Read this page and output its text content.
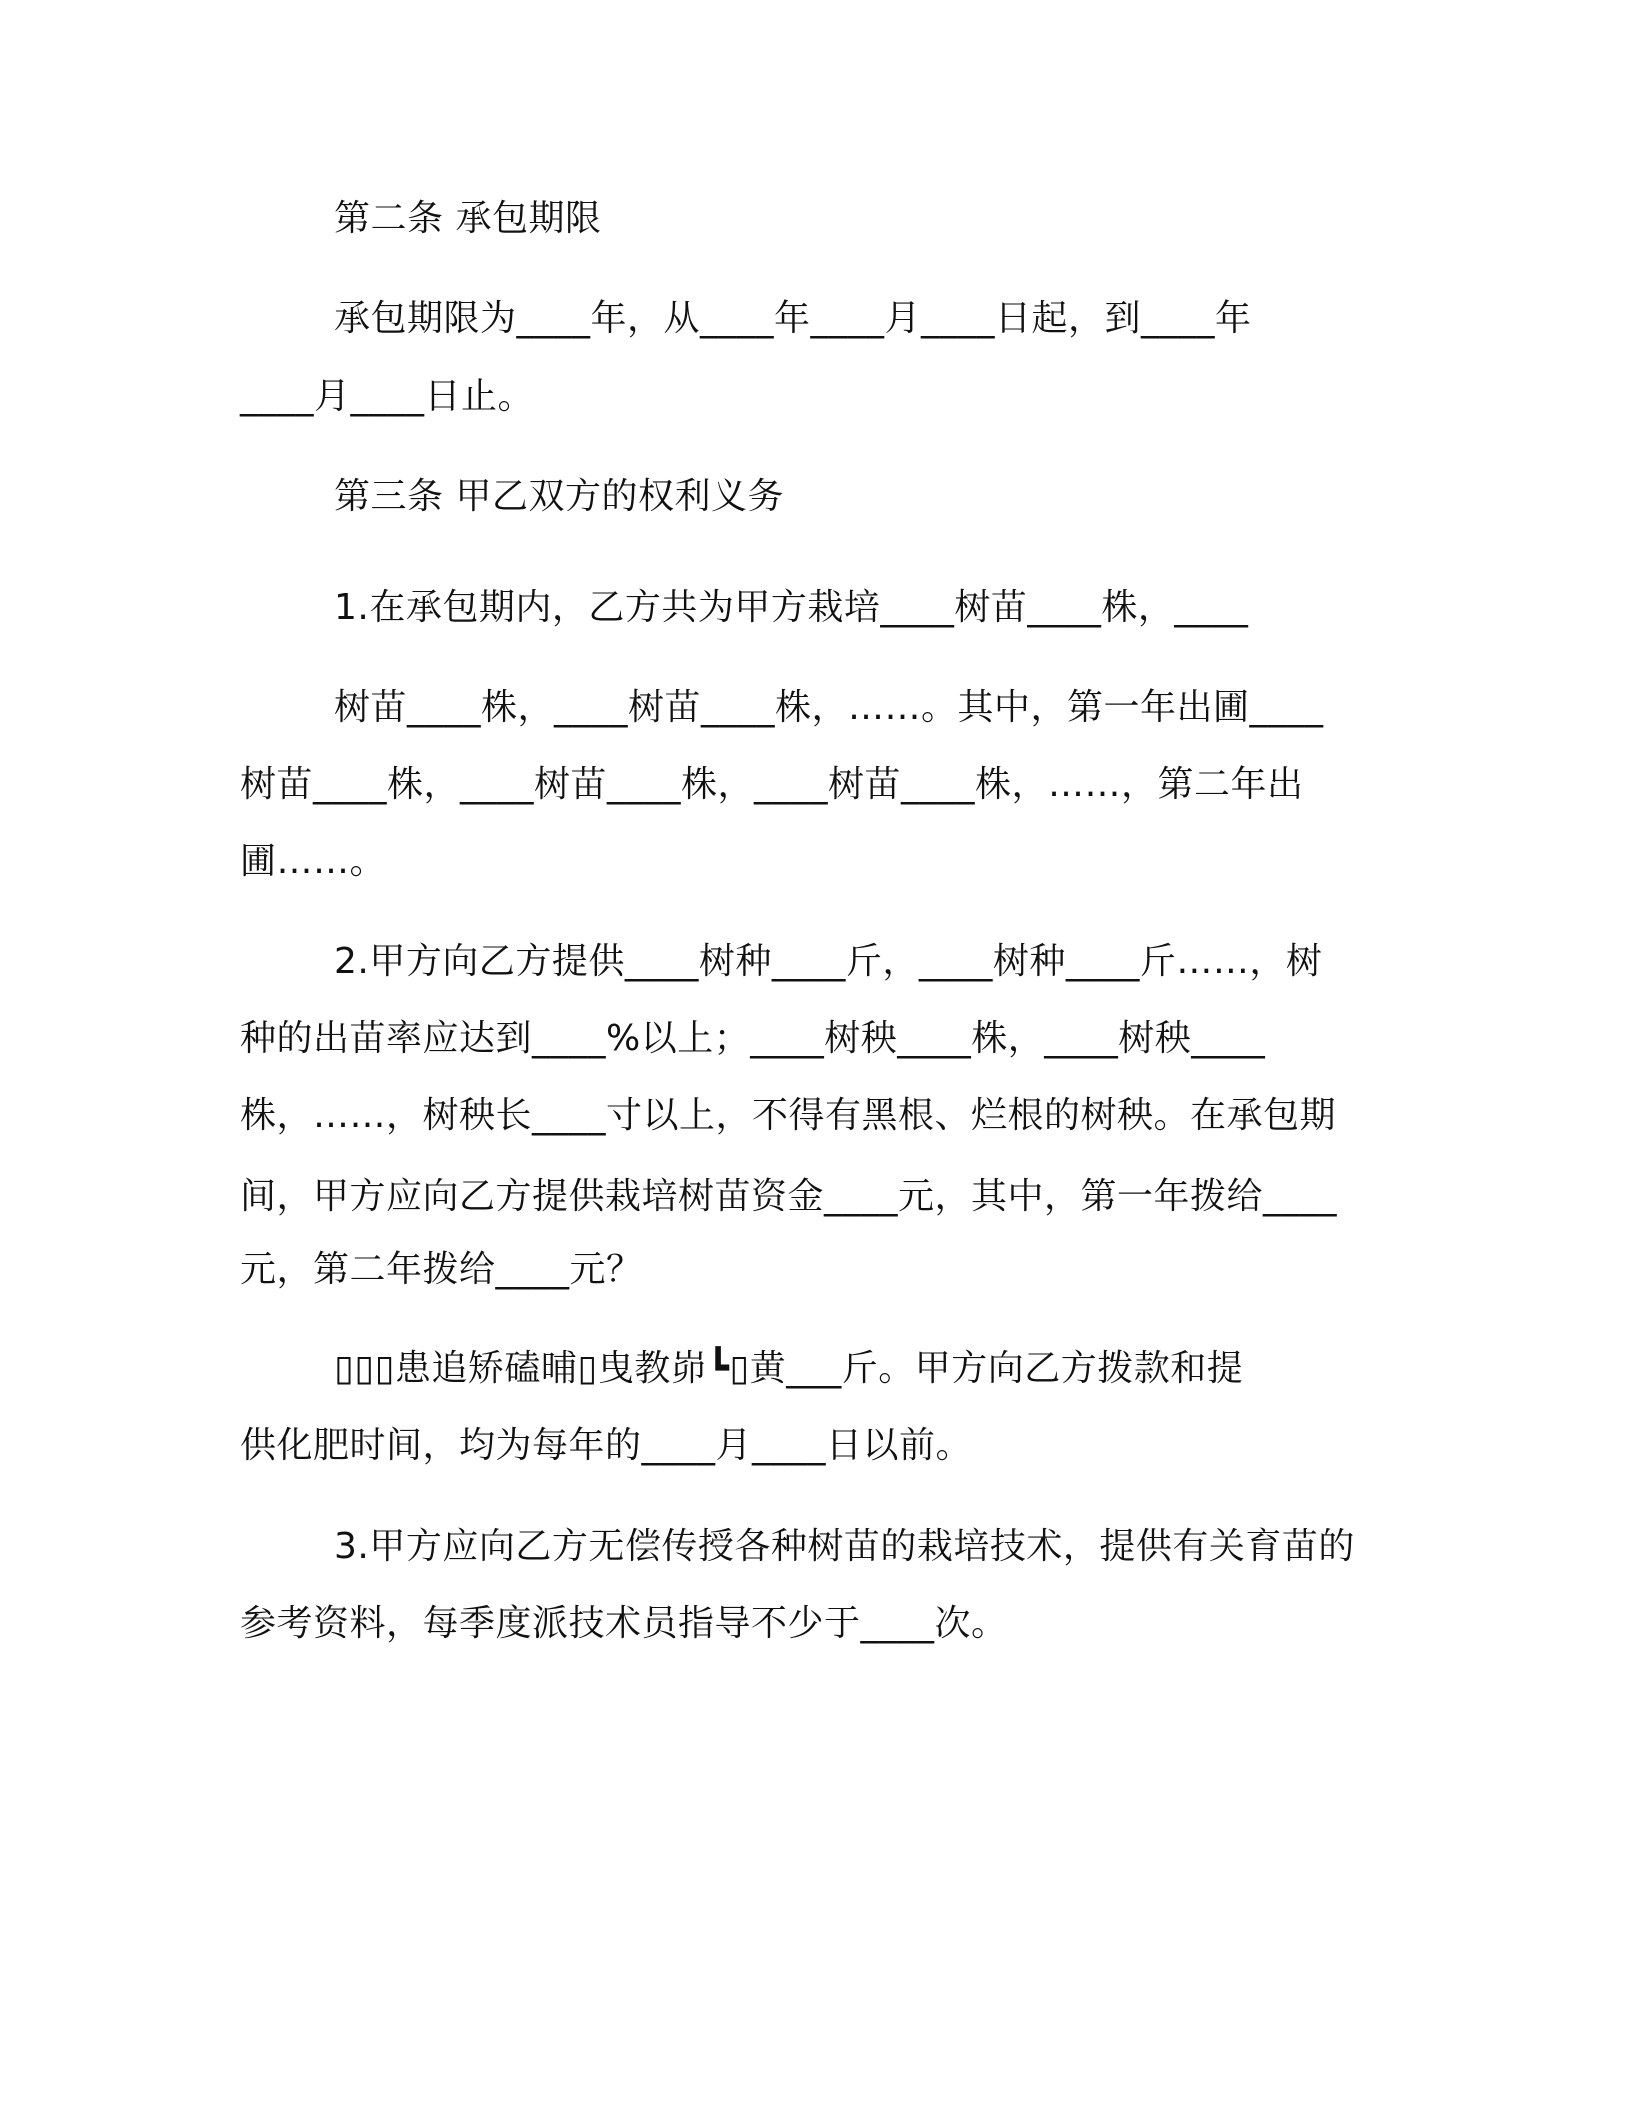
第二条 承包期限
承包期限为____年，从____年____月____日起，到____年
____月____日止。
第三条 甲乙双方的权利义务
1.在承包期内，乙方共为甲方栽培____树苗____株，____
树苗____株，____树苗____株，……。其中，第一年出圃____
树苗____株，____树苗____株，____树苗____株，……，第二年出
圃……。
2.甲方向乙方提供____树种____斤，____树种____斤……，树
种的出苗率应达到____%以上；____树秧____株，____树秧____
株，……，树秧长____寸以上，不得有黑根、烂根的树秧。在承包期
间，甲方应向乙方提供栽培树苗资金____元，其中，第一年拨给____
元，第二年拨给____元？
▯▯▯患追矫磕晡▯曳教峁┗▯黄___斤。甲方向乙方拨款和提
供化肥时间，均为每年的____月____日以前。
3.甲方应向乙方无偿传授各种树苗的栽培技术，提供有关育苗的
参考资料，每季度派技术员指导不少于____次。
